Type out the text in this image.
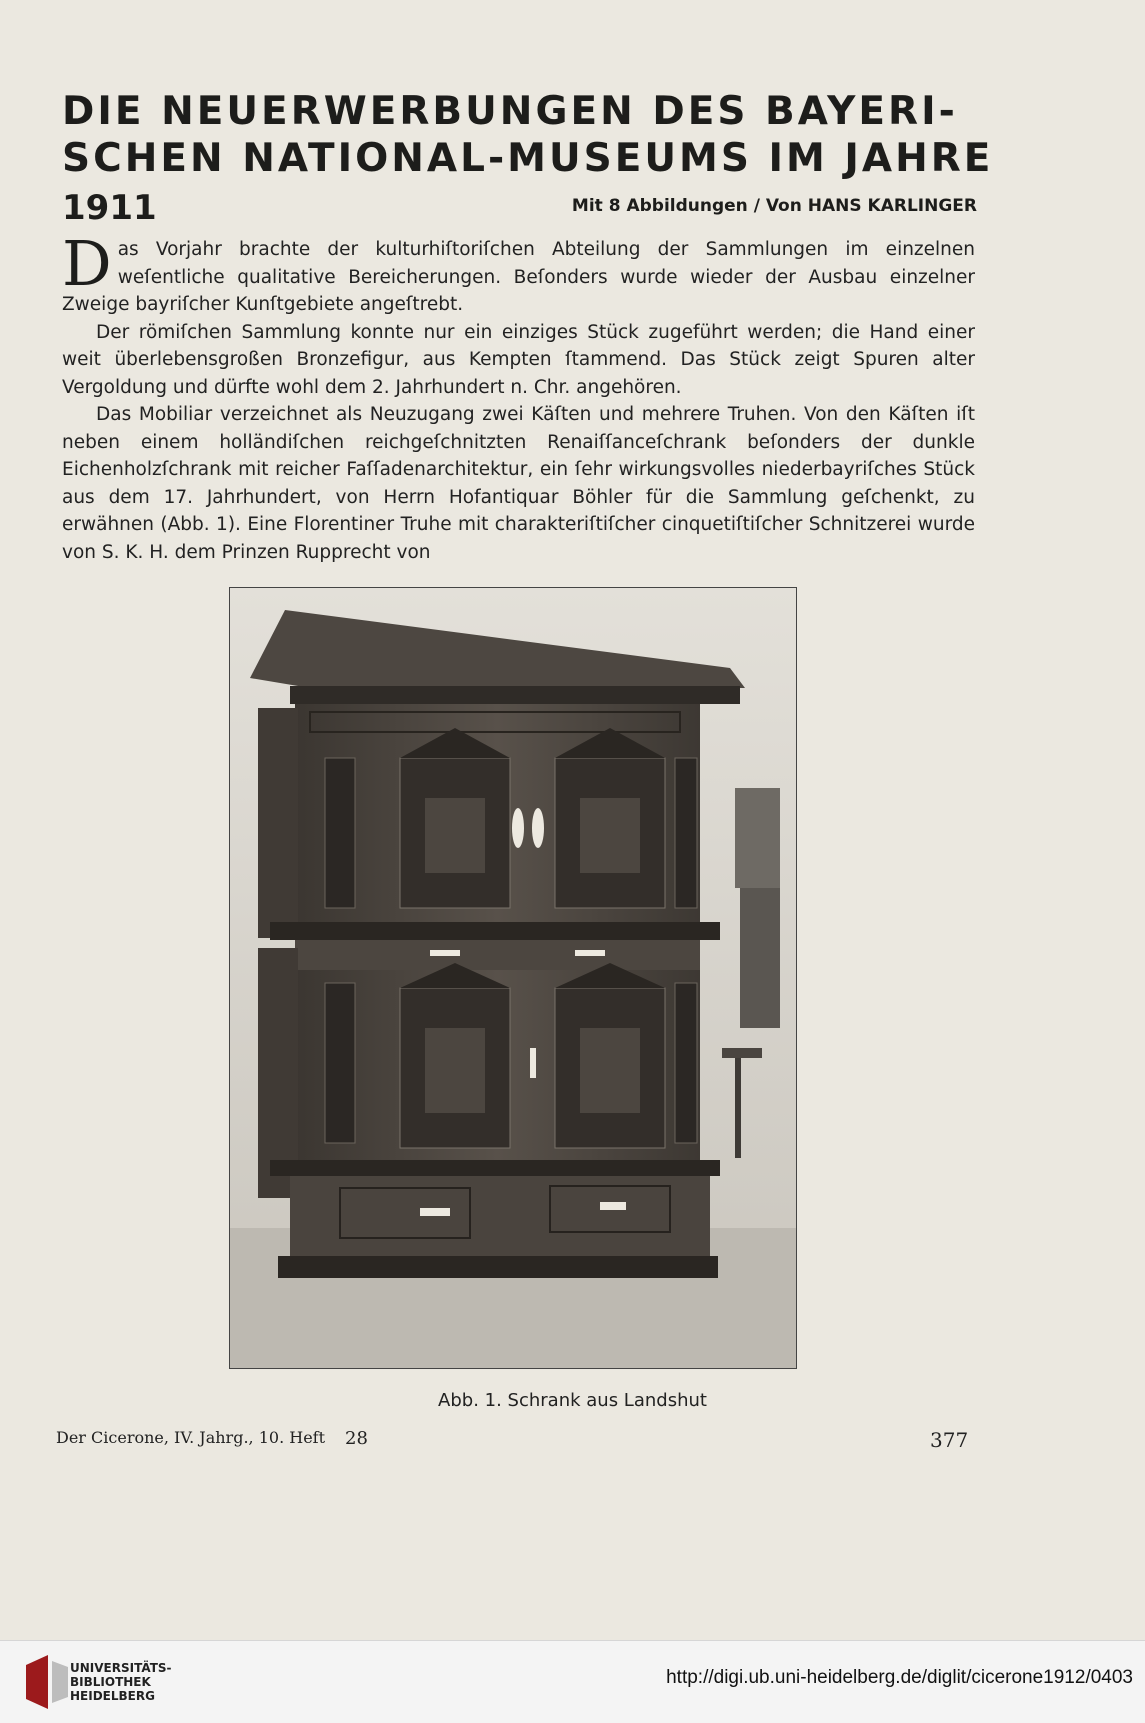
DIE NEUERWERBUNGEN DES BAYERI-
SCHEN NATIONAL-MUSEUMS IM JAHRE
1911	Mit 8 Abbildungen / Von HANS KARLINGER

Das Vorjahr brachte der kulturhiſtoriſchen Abteilung der Sammlungen im einzelnen weſentliche qualitative Bereicherungen. Beſonders wurde wieder der Ausbau einzelner Zweige bayriſcher Kunſtgebiete angeſtrebt.

Der römiſchen Sammlung konnte nur ein einziges Stück zugeführt werden; die Hand einer weit überlebensgroßen Bronzefigur, aus Kempten ſtammend. Das Stück zeigt Spuren alter Vergoldung und dürfte wohl dem 2. Jahrhundert n. Chr. angehören.

Das Mobiliar verzeichnet als Neuzugang zwei Käſten und mehrere Truhen. Von den Käſten iſt neben einem holländiſchen reichgeſchnitzten Renaiſſanceſchrank beſonders der dunkle Eichenholzſchrank mit reicher Faſſadenarchitektur, ein ſehr wirkungsvolles niederbayriſches Stück aus dem 17. Jahrhundert, von Herrn Hofantiquar Böhler für die Sammlung geſchenkt, zu erwähnen (Abb. 1). Eine Florentiner Truhe mit charakteriſtiſcher cinquetiſtiſcher Schnitzerei wurde von S. K. H. dem Prinzen Rupprecht von

Abb. 1. Schrank aus Landshut
Der Cicerone, IV. Jahrg., 10. Heft 28	377
UNIVERSITÄTS-
BIBLIOTHEK
HEIDELBERG
http://digi.ub.uni-heidelberg.de/diglit/cicerone1912/0403
